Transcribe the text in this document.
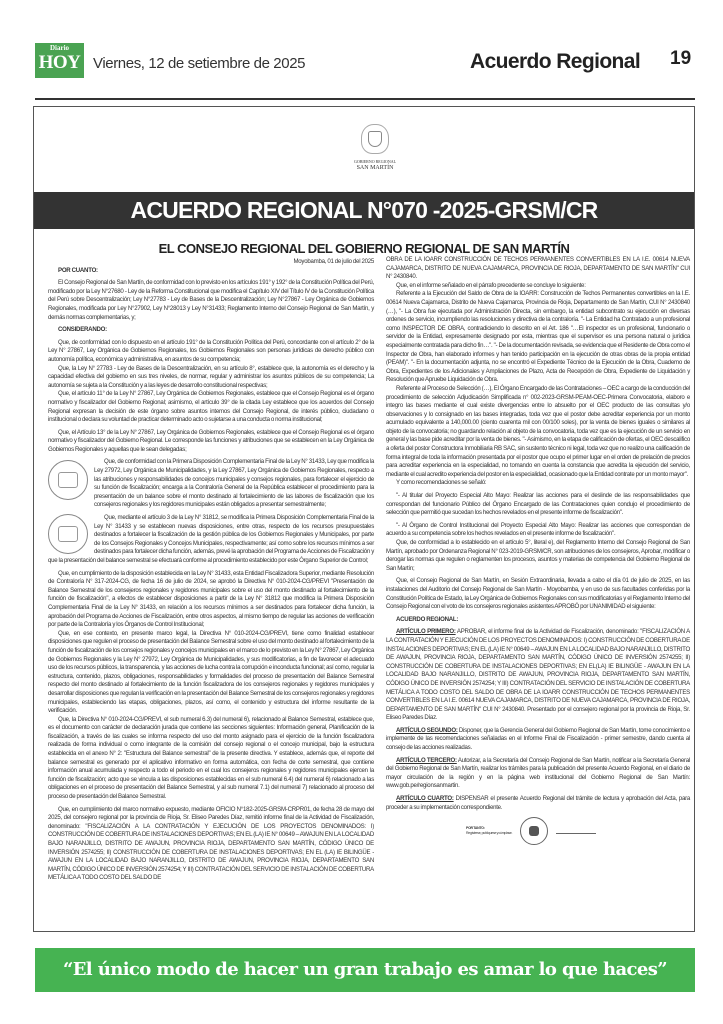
Diario
HOY Viernes, 12 de setiembre de 2025	Acuerdo Regional 19
GOBIERNO REGIONAL
SAN MARTÍN
ACUERDO REGIONAL N°070 -2025-GRSM/CR
EL CONSEJO REGIONAL DEL GOBIERNO REGIONAL DE SAN MARTÍN

Moyobamba, 01 de julio del 2025

POR CUANTO:

El Consejo Regional de San Martín, de conformidad con lo previsto en los artículos 191° y 192° de la Constitución Política del Perú, modificado por la Ley N°27680 - Ley de la Reforma Constitucional que modifica el Capítulo XIV del Título IV de la Constitución Política del Perú sobre Descentralización; Ley N°27783 - Ley de Bases de la Descentralización; Ley N°27867 - Ley Orgánica de Gobiernos Regionales, modificada por Ley N°27902, Ley N°28013 y Ley N°31433; Reglamento Interno del Consejo Regional de San Martín, y demás normas complementarias, y;

CONSIDERANDO:

Que, de conformidad con lo dispuesto en el artículo 191° de la Constitución Política del Perú, concordante con el artículo 2° de la Ley N° 27867, Ley Orgánica de Gobiernos Regionales, los Gobiernos Regionales son personas jurídicas de derecho público con autonomía política, económica y administrativa, en asuntos de su competencia;

Que, la Ley N° 27783 - Ley de Bases de la Descentralización, en su artículo 8°, establece que, la autonomía es el derecho y la capacidad efectiva del gobierno en sus tres niveles, de normar, regular y administrar los asuntos públicos de su competencia; La autonomía se sujeta a la Constitución y a las leyes de desarrollo constitucional respectivas;

Que, el artículo 11° de la Ley N° 27867, Ley Orgánica de Gobiernos Regionales, establece que el Consejo Regional es el órgano normativo y fiscalizador del Gobierno Regional; asimismo, el artículo 39° de la citada Ley establece que los acuerdos del Consejo Regional expresan la decisión de este órgano sobre asuntos internos del Consejo Regional, de interés público, ciudadano o institucional o declara su voluntad de practicar determinado acto o sujetarse a una conducta o norma institucional;

Que, el Artículo 13° de la Ley N° 27867, Ley Orgánica de Gobiernos Regionales, establece que el Consejo Regional es el órgano normativo y fiscalizador del Gobierno Regional. Le corresponde las funciones y atribuciones que se establecen en la Ley Orgánica de Gobiernos Regionales y aquellas que le sean delegadas;

Que, de conformidad con la Primera Disposición Complementaria Final de la Ley N° 31433, Ley que modifica la Ley 27972, Ley Orgánica de Municipalidades, y la Ley 27867, Ley Orgánica de Gobiernos Regionales, respecto a las atribuciones y responsabilidades de concejos municipales y consejos regionales, para fortalecer el ejercicio de su función de fiscalización; encarga a la Contraloría General de la República establecer el procedimiento para la presentación de un balance sobre el monto destinado al fortalecimiento de las labores de fiscalización que los consejeros regionales y los regidores municipales están obligados a presentar semestralmente;

Que, mediante el artículo 3 de la Ley N° 31812, se modifica la Primera Disposición Complementaria Final de la Ley N° 31433 y se establecen nuevas disposiciones, entre otras, respecto de los recursos presupuestales destinados a fortalecer la fiscalización de la gestión pública de los Gobiernos Regionales y Municipales, por parte de los Consejos Regionales y Concejos Municipales, respectivamente; así como sobre los recursos mínimos a ser destinados para fortalecer dicha función, además, prevé la aprobación del Programa de Acciones de Fiscalización y que la presentación del balance semestral se efectuará conforme al procedimiento establecido por este Órgano Superior de Control;

Que, en cumplimiento de la disposición establecida en la Ley N° 31433, esta Entidad Fiscalizadora Superior, mediante Resolución de Contraloría N° 317-2024-CG, de fecha 16 de julio de 2024, se aprobó la Directiva N° 010-2024-CG/PREVI "Presentación de Balance Semestral de los consejeros regionales y regidores municipales sobre el uso del monto destinado al fortalecimiento de la función de fiscalización", a efectos de establecer disposiciones a partir de la Ley N° 31812 que modifica la Primera Disposición Complementaria Final de la Ley N° 31433, en relación a los recursos mínimos a ser destinados para fortalecer dicha función, la aprobación del Programa de Acciones de Fiscalización, entre otros aspectos, al mismo tiempo de regular las acciones de verificación por parte de la Contraloría y los Órganos de Control Institucional;

Que, en ese contexto, en presente marco legal, la Directiva N° 010-2024-CG/PREVI, tiene como finalidad establecer disposiciones que regulen el proceso de presentación del Balance Semestral sobre el uso del monto destinado al fortalecimiento de la función de fiscalización de los consejos regionales y concejos municipales en el marco de lo previsto en la Ley N° 27867, Ley Orgánica de Gobiernos Regionales y la Ley N° 27972, Ley Orgánica de Municipalidades, y sus modificatorias, a fin de favorecer el adecuado uso de los recursos públicos, la transparencia, y las acciones de lucha contra la corrupción e inconducta funcional; así como, regular la estructura, contenido, plazos, obligaciones, responsabilidades y formalidades del proceso de presentación del Balance Semestral respecto del monto destinado al fortalecimiento de la función fiscalizadora de los consejeros regionales y regidores municipales y desarrollar disposiciones que regulan la verificación en la presentación del Balance Semestral de los consejeros regionales y regidores municipales, estableciendo las etapas, obligaciones, plazos, así como, el contenido y estructura del informe resultante de la verificación.

Que, la Directiva N° 010-2024-CG/PREVI, el sub numeral 6.3) del numeral 6), relacionado al Balance Semestral, establece que, es el documento con carácter de declaración jurada que contiene las secciones siguientes: Información general, Planificación de la fiscalización, a través de las cuales se informa respecto del uso del monto asignado para el ejercicio de la función fiscalizadora realizada de forma individual o como integrante de la comisión del consejo regional o el concejo municipal, bajo la estructura establecida en el anexo N° 2: "Estructura del Balance semestral" de la presente directiva. Y establece, además que, el reporte del balance semestral es generado por el aplicativo informativo en forma automática, con fecha de corte semestral, que contiene información anual acumulada y respecto a todo el periodo en el cual los consejeros regionales y regidores municipales ejercen la función de fiscalización; acto que se vincula a las disposiciones establecidas en el sub numeral 6.4) del numeral 6) relacionado a las obligaciones en el proceso de presentación del Balance Semestral, y al sub numeral 7.1) del numeral 7) relacionado al proceso del proceso de presentación del Balance Semestral.

Que, en cumplimiento del marco normativo expuesto, mediante OFICIO N°182-2025-GRSM-CRPR01, de fecha 28 de mayo del 2025, del consejero regional por la provincia de Rioja, Sr. Eliseo Paredes Díaz, remitió informe final de la Actividad de Fiscalización, denominado: "FISCALIZACIÓN A LA CONTRATACIÓN Y EJECUCIÓN DE LOS PROYECTOS DENOMINADOS: I) CONSTRUCCIÓN DE COBERTURA DE INSTALACIONES DEPORTIVAS; EN EL (LA) IE N° 00649 – AWAJUN EN LA LOCALIDAD BAJO NARANJILLO, DISTRITO DE AWAJUN, PROVINCIA RIOJA, DEPARTAMENTO SAN MARTÍN, CÓDIGO ÚNICO DE INVERSIÓN 2574255; II) CONSTRUCCIÓN DE COBERTURA DE INSTALACIONES DEPORTIVAS; EN EL (LA) IE BILINGÜE - AWAJUN EN LA LOCALIDAD BAJO NARANJILLO, DISTRITO DE AWAJUN, PROVINCIA RIOJA, DEPARTAMENTO SAN MARTÍN, CÓDIGO ÚNICO DE INVERSIÓN 2574254; Y III) CONTRATACIÓN DEL SERVICIO DE INSTALACIÓN DE COBERTURA METÁLICA A TODO COSTO DEL SALDO DE

OBRA DE LA IOARR CONSTRUCCIÓN DE TECHOS PERMANENTES CONVERTIBLES EN LA I.E. 00614 NUEVA CAJAMARCA, DISTRITO DE NUEVA CAJAMARCA, PROVINCIA DE RIOJA, DEPARTAMENTO DE SAN MARTÍN" CUI N° 2430840.

Que, en el informe señalado en el párrafo precedente se concluye lo siguiente:

Referente a la Ejecución del Saldo de Obra de la IOARR: Construcción de Techos Permanentes convertibles en la I.E. 00614 Nueva Cajamarca, Distrito de Nueva Cajamarca, Provincia de Rioja, Departamento de San Martín, CUI N° 2430840 (…), "- La Obra fue ejecutada por Administración Directa, sin embargo, la entidad subcontrato su ejecución en diversas ordenes de servicio, incumpliendo las resoluciones y directiva de la contraloría. "- La Entidad ha Contratado a un profesional como INSPECTOR DE OBRA, contradiciendo lo descrito en el Art. 186 "…El inspector es un profesional, funcionario o servidor de la Entidad, expresamente designado por esta, mientras que el supervisor es una persona natural o jurídica especialmente contratada para dicho fin…". "- De la documentación revisada, se evidencia que el Residente de Obra como el Inspector de Obra, han elaborado informes y han tenido participación en la ejecución de otras obras de la propia entidad (PEAM)". "- En la documentación adjunta, no se encontró el Expediente Técnico de la Ejecución de la Obra, Cuaderno de Obra, Expedientes de los Adicionales y Ampliaciones de Plazo, Acta de Recepción de Obra, Expediente de Liquidación y Resolución que Apruebe Liquidación de Obra.

Referente al Proceso de Selección (…), El Órgano Encargado de las Contrataciones – OEC a cargo de la conducción del procedimiento de selección Adjudicación Simplificada n° 002-2023-GRSM-PEAM-OEC-Primera Convocatoria, elaboro e integro las bases mediante el cual existe divergencias entre lo absuelto por el OEC producto de las consultas y/o observaciones y lo consignado en las bases integradas, toda vez que el postor debe acreditar experiencia por un monto acumulado equivalente a 140,000.00 (ciento cuarenta mil con 00/100 soles), por la venta de bienes iguales o similares al objeto de la convocatoria; no guardando relación al objeto de la convocatoria, toda vez que es la ejecución de un servicio en general y las base pide acreditar por la venta de bienes. "- Asimismo, en la etapa de calificación de ofertas, el OEC descalifico a oferta del postor Constructora Inmobiliaria RB SAC, sin sustento técnico ni legal, toda vez que no realizo una calificación de forma integral de toda la información presentada por el postor que ocupo el primer lugar en el orden de prelación de precios para acreditar experiencia en la especialidad, no tomando en cuenta la constancia que acredita la ejecución del servicio, mediante el cual acredito experiencia del postor en la especialidad, ocasionado que la Entidad contrate por un monto mayor".

Y como recomendaciones se señaló:

"- Al titular del Proyecto Especial Alto Mayo: Realizar las acciones para el deslinde de las responsabilidades que correspondan del funcionario Público del Órgano Encargado de las Contrataciones quien condujo el procedimiento de selección que permitió que sucedan los hechos revelados en el presente informe de fiscalización".

"- Al Órgano de Control Institucional del Proyecto Especial Alto Mayo: Realizar las acciones que correspondan de acuerdo a su competencia sobre los hechos revelados en el presente informe de fiscalización".

Que, de conformidad a lo establecido en el artículo 5°, literal e), del Reglamento Interno del Consejo Regional de San Martín, aprobado por Ordenanza Regional N° 023-2019-GRSM/CR, son atribuciones de los consejeros, Aprobar, modificar o derogar las normas que regulen o reglamenten los procesos, asuntos y materias de competencia del Gobierno Regional de San Martín;

Que, el Consejo Regional de San Martín, en Sesión Extraordinaria, llevada a cabo el día 01 de julio de 2025, en las instalaciones del Auditorio del Consejo Regional de San Martín - Moyobamba, y en uso de sus facultades conferidas por la Constitución Política de Estado, la Ley Orgánica de Gobiernos Regionales con sus modificatorias y el Reglamento Interno del Consejo Regional con el voto de los consejeros regionales asistentes APROBÓ por UNANIMIDAD el siguiente:

ACUERDO REGIONAL:

ARTÍCULO PRIMERO: APROBAR, el informe final de la Actividad de Fiscalización, denominado: "FISCALIZACIÓN A LA CONTRATACIÓN Y EJECUCIÓN DE LOS PROYECTOS DENOMINADOS: I) CONSTRUCCIÓN DE COBERTURA DE INSTALACIONES DEPORTIVAS; EN EL (LA) IE N° 00649 – AWAJUN EN LA LOCALIDAD BAJO NARANJILLO, DISTRITO DE AWAJUN, PROVINCIA RIOJA, DEPARTAMENTO SAN MARTÍN, CÓDIGO ÚNICO DE INVERSIÓN 2574255; II) CONSTRUCCIÓN DE COBERTURA DE INSTALACIONES DEPORTIVAS; EN EL(LA) IE BILINGÜE - AWAJUN EN LA LOCALIDAD BAJO NARANJILLO, DISTRITO DE AWAJUN, PROVINCIA RIOJA, DEPARTAMENTO SAN MARTÍN, CÓDIGO ÚNICO DE INVERSIÓN 2574254; Y III) CONTRATACIÓN DEL SERVICIO DE INSTALACIÓN DE COBERTURA METÁLICA A TODO COSTO DEL SALDO DE OBRA DE LA IOARR CONSTRUCCIÓN DE TECHOS PERMANENTES CONVERTIBLES EN LA I.E. 00614 NUEVA CAJAMARCA, DISTRITO DE NUEVA CAJAMARCA, PROVINCIA DE RIOJA, DEPARTAMENTO DE SAN MARTÍN" CUI N° 2430840. Presentado por el consejero regional por la provincia de Rioja, Sr. Eliseo Paredes Díaz.

ARTÍCULO SEGUNDO: Disponer, que la Gerencia General del Gobierno Regional de San Martín, tome conocimiento e implemente de las recomendaciones señaladas en el Informe Final de Fiscalización - primer semestre, dando cuenta al consejo de las acciones realizadas.

ARTÍCULO TERCERO: Autorizar, a la Secretaría del Consejo Regional de San Martín, notificar a la Secretaría General del Gobierno Regional de San Martín, realizar los trámites para la publicación del presente Acuerdo Regional, en el diario de mayor circulación de la región y en la página web institucional del Gobierno Regional de San Martín: www.gob.pe/regionsanmartin.

ARTÍCULO CUARTO: DISPENSAR el presente Acuerdo Regional del trámite de lectura y aprobación del Acta, para proceder a su implementación correspondiente.

POR TANTO:
Regístrese, publíquese y cúmplase.
“El único modo de hacer un gran trabajo es amar lo que haces”
